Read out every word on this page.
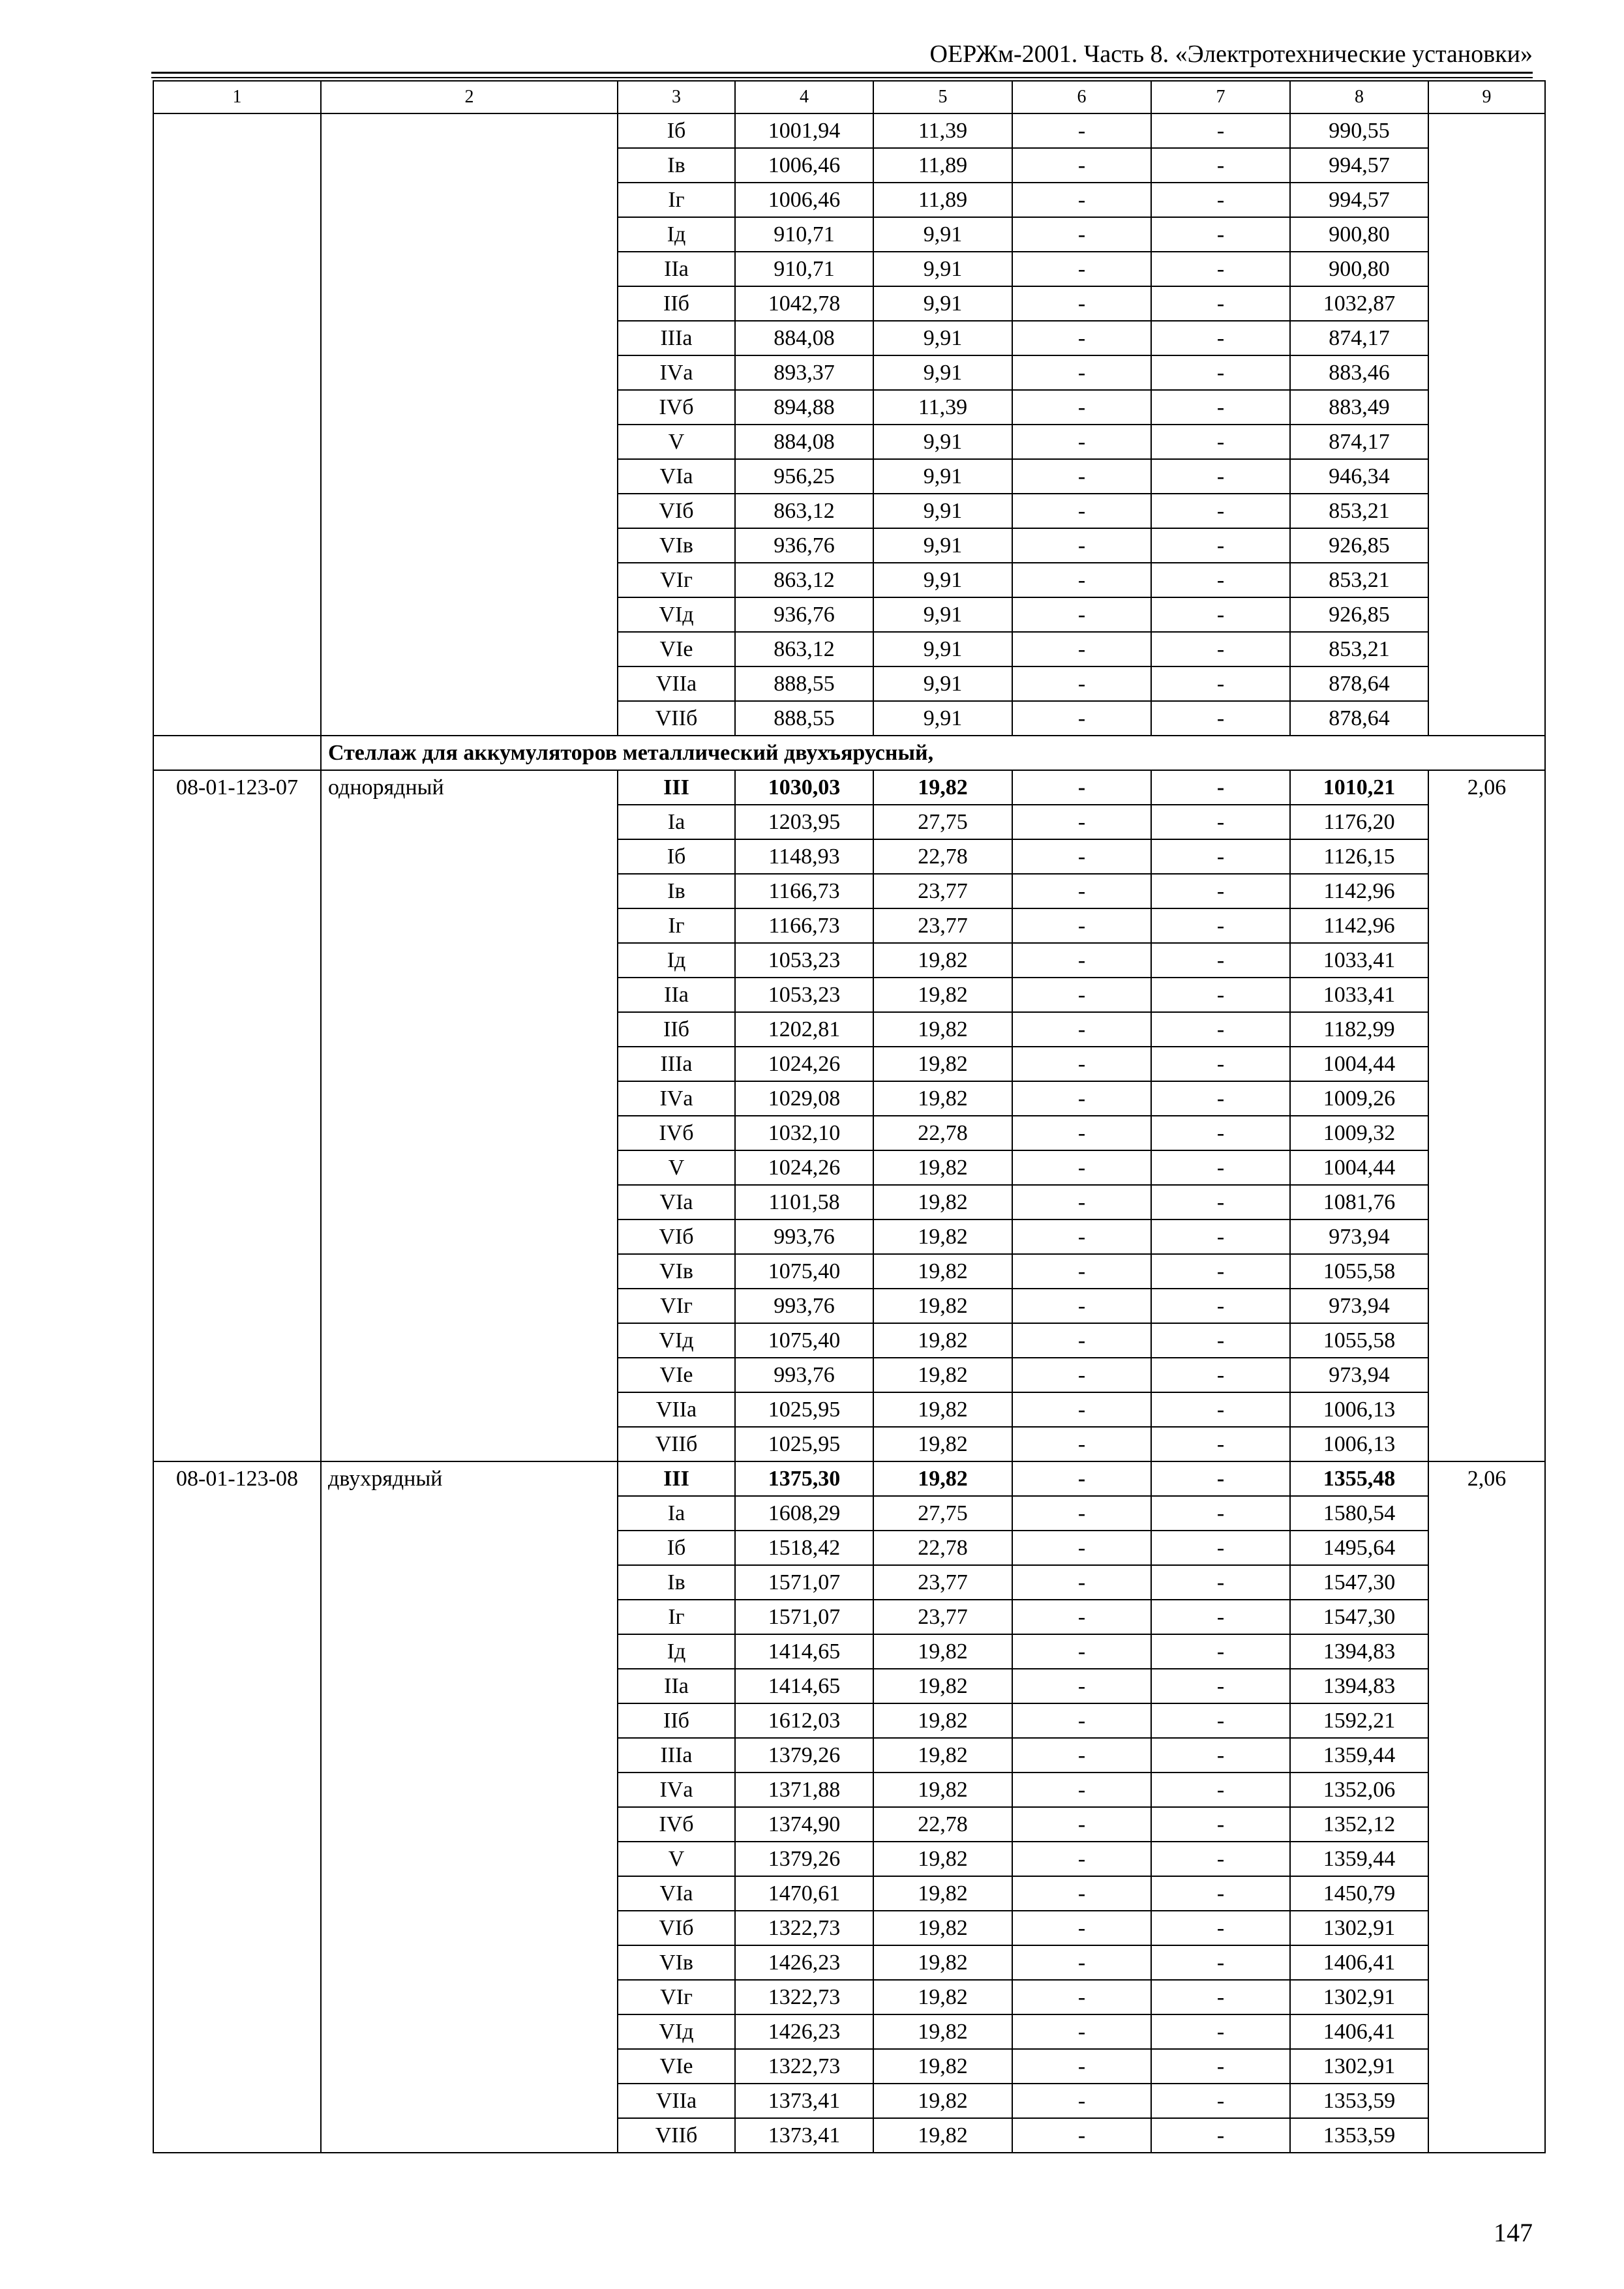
ОЕРЖм-2001. Часть 8. «Электротехнические установки»
1	2	3	4	5	6	7	8	9
		Iб	1001,94	11,39	-	-	990,55	
		Iв	1006,46	11,89	-	-	994,57	
		Iг	1006,46	11,89	-	-	994,57	
		Iд	910,71	9,91	-	-	900,80	
		IIа	910,71	9,91	-	-	900,80	
		IIб	1042,78	9,91	-	-	1032,87	
		IIIа	884,08	9,91	-	-	874,17	
		IVа	893,37	9,91	-	-	883,46	
		IVб	894,88	11,39	-	-	883,49	
		V	884,08	9,91	-	-	874,17	
		VIа	956,25	9,91	-	-	946,34	
		VIб	863,12	9,91	-	-	853,21	
		VIв	936,76	9,91	-	-	926,85	
		VIг	863,12	9,91	-	-	853,21	
		VIд	936,76	9,91	-	-	926,85	
		VIе	863,12	9,91	-	-	853,21	
		VIIа	888,55	9,91	-	-	878,64	
		VIIб	888,55	9,91	-	-	878,64	
	Стеллаж для аккумуляторов металлический двухъярусный,							
08-01-123-07	однорядный	III	1030,03	19,82	-	-	1010,21	2,06
		Iа	1203,95	27,75	-	-	1176,20	
		Iб	1148,93	22,78	-	-	1126,15	
		Iв	1166,73	23,77	-	-	1142,96	
		Iг	1166,73	23,77	-	-	1142,96	
		Iд	1053,23	19,82	-	-	1033,41	
		IIа	1053,23	19,82	-	-	1033,41	
		IIб	1202,81	19,82	-	-	1182,99	
		IIIа	1024,26	19,82	-	-	1004,44	
		IVа	1029,08	19,82	-	-	1009,26	
		IVб	1032,10	22,78	-	-	1009,32	
		V	1024,26	19,82	-	-	1004,44	
		VIа	1101,58	19,82	-	-	1081,76	
		VIб	993,76	19,82	-	-	973,94	
		VIв	1075,40	19,82	-	-	1055,58	
		VIг	993,76	19,82	-	-	973,94	
		VIд	1075,40	19,82	-	-	1055,58	
		VIе	993,76	19,82	-	-	973,94	
		VIIа	1025,95	19,82	-	-	1006,13	
		VIIб	1025,95	19,82	-	-	1006,13	
08-01-123-08	двухрядный	III	1375,30	19,82	-	-	1355,48	2,06
		Iа	1608,29	27,75	-	-	1580,54	
		Iб	1518,42	22,78	-	-	1495,64	
		Iв	1571,07	23,77	-	-	1547,30	
		Iг	1571,07	23,77	-	-	1547,30	
		Iд	1414,65	19,82	-	-	1394,83	
		IIа	1414,65	19,82	-	-	1394,83	
		IIб	1612,03	19,82	-	-	1592,21	
		IIIа	1379,26	19,82	-	-	1359,44	
		IVа	1371,88	19,82	-	-	1352,06	
		IVб	1374,90	22,78	-	-	1352,12	
		V	1379,26	19,82	-	-	1359,44	
		VIа	1470,61	19,82	-	-	1450,79	
		VIб	1322,73	19,82	-	-	1302,91	
		VIв	1426,23	19,82	-	-	1406,41	
		VIг	1322,73	19,82	-	-	1302,91	
		VIд	1426,23	19,82	-	-	1406,41	
		VIе	1322,73	19,82	-	-	1302,91	
		VIIа	1373,41	19,82	-	-	1353,59	
		VIIб	1373,41	19,82	-	-	1353,59	
147
